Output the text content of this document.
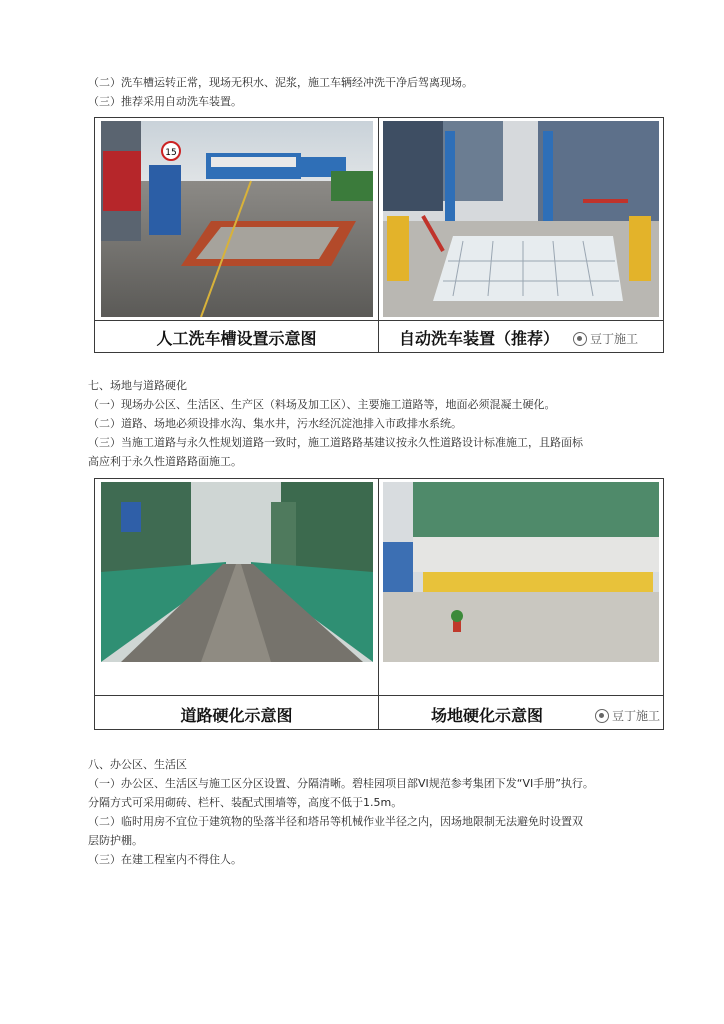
（二）洗车槽运转正常，现场无积水、泥浆，施工车辆经冲洗干净后驾离现场。
（三）推荐采用自动洗车装置。
15
人工洗车槽设置示意图	自动洗车装置（推荐）	豆丁施工
七、场地与道路硬化
（一）现场办公区、生活区、生产区（料场及加工区）、主要施工道路等，地面必须混凝土硬化。
（二）道路、场地必须设排水沟、集水井，污水经沉淀池排入市政排水系统。
（三）当施工道路与永久性规划道路一致时，施工道路路基建议按永久性道路设计标准施工，且路面标
高应利于永久性道路路面施工。
道路硬化示意图	场地硬化示意图	豆丁施工
八、办公区、生活区
（一）办公区、生活区与施工区分区设置、分隔清晰。碧桂园项目部VI规范参考集团下发“VI手册”执行。
分隔方式可采用砌砖、栏杆、装配式围墙等，高度不低于1.5m。
（二）临时用房不宜位于建筑物的坠落半径和塔吊等机械作业半径之内，因场地限制无法避免时设置双
层防护棚。
（三）在建工程室内不得住人。
